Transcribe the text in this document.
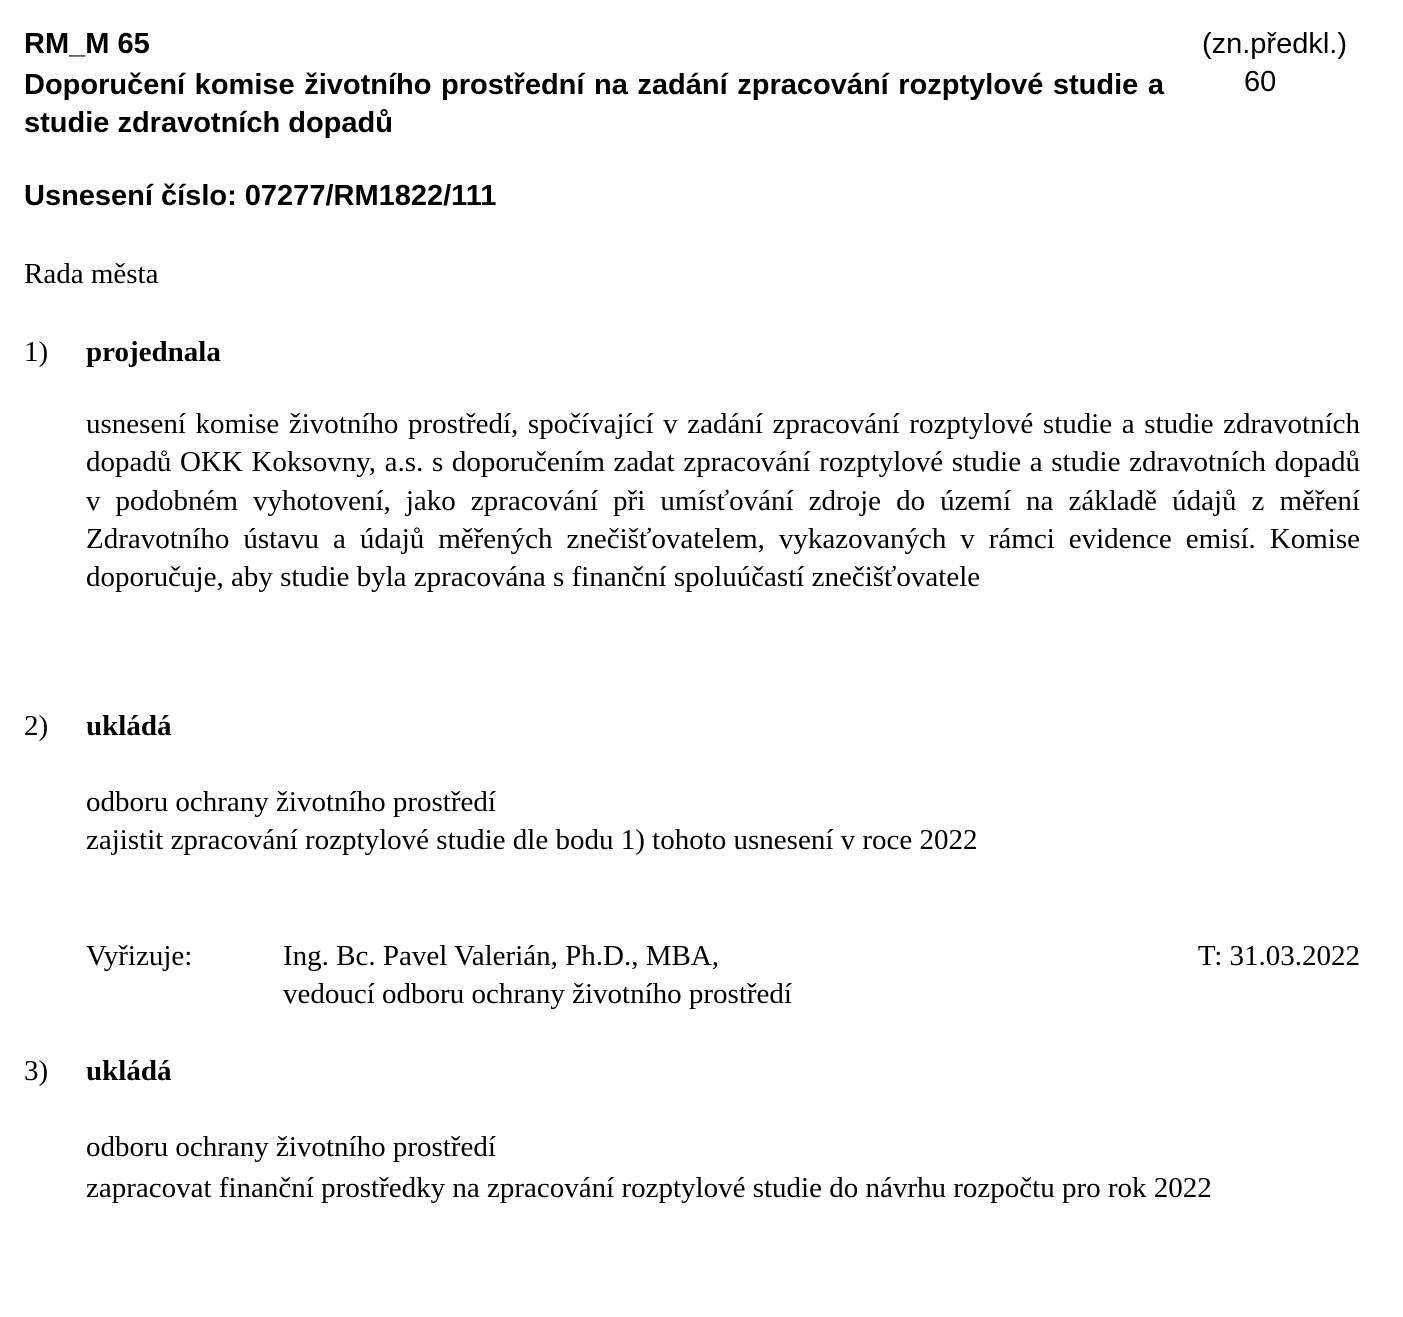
RM_M 65	(zn.předkl.)
Doporučení komise životního prostřední na zadání zpracování rozptylové studie a studie zdravotních dopadů
60
Usnesení číslo: 07277/RM1822/111
Rada města
1) projednala
usnesení komise životního prostředí, spočívající v zadání zpracování rozptylové studie a studie zdravotních dopadů OKK Koksovny, a.s. s doporučením zadat zpracování rozptylové studie a studie zdravotních dopadů v podobném vyhotovení, jako zpracování při umísťování zdroje do území na základě údajů z měření Zdravotního ústavu a údajů měřených znečišťovatelem, vykazovaných v rámci evidence emisí. Komise doporučuje, aby studie byla zpracována s finanční spoluúčastí znečišťovatele
2) ukládá
odboru ochrany životního prostředí
zajistit zpracování rozptylové studie dle bodu 1) tohoto usnesení v roce 2022
Vyřizuje:	Ing. Bc. Pavel Valerián, Ph.D., MBA,
vedoucí odboru ochrany životního prostředí
T: 31.03.2022
3) ukládá
odboru ochrany životního prostředí
zapracovat finanční prostředky na zpracování rozptylové studie do návrhu rozpočtu pro rok 2022
